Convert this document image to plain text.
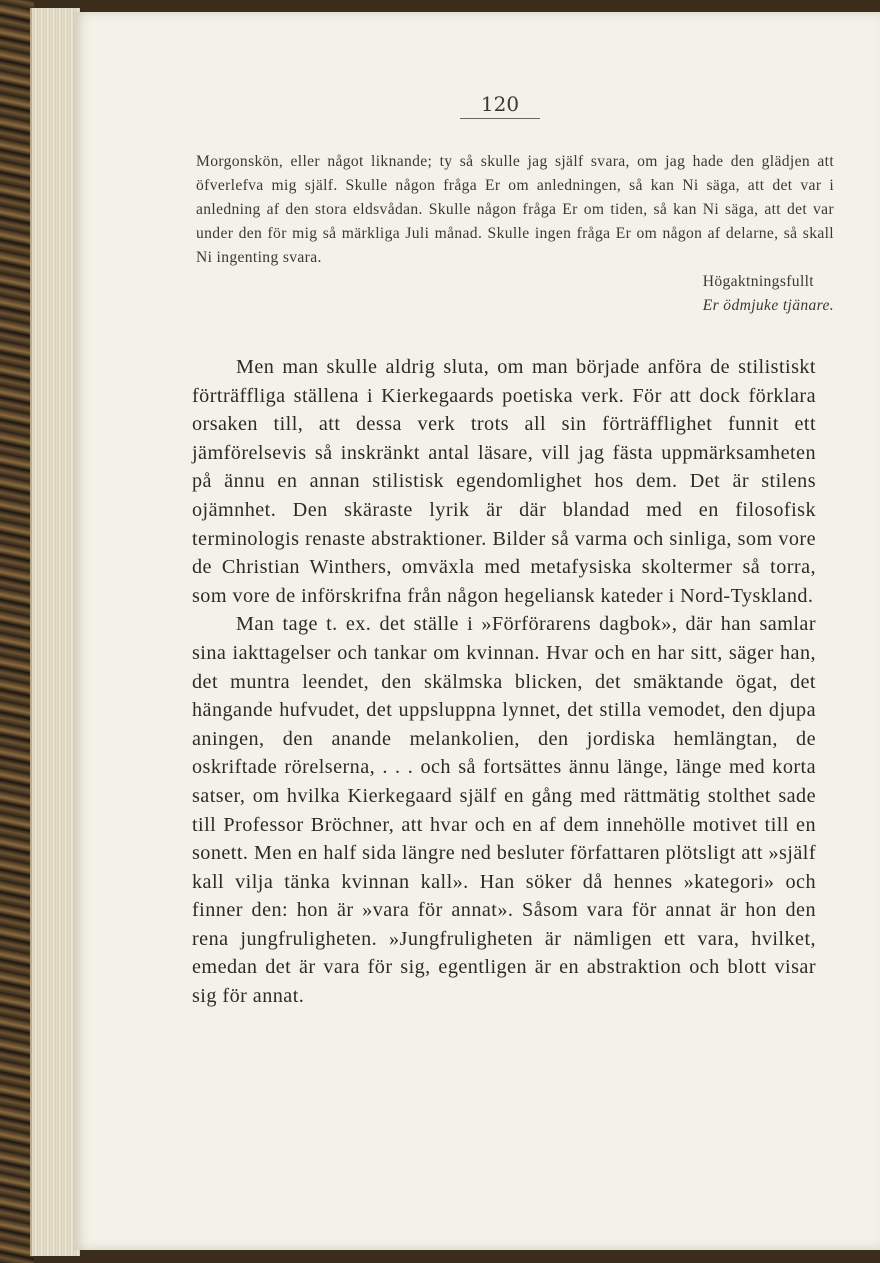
120

Morgonskön, eller något liknande; ty så skulle jag själf svara, om jag hade den glädjen att öfverlefva mig själf. Skulle någon fråga Er om anledningen, så kan Ni säga, att det var i anledning af den stora eldsvådan. Skulle någon fråga Er om tiden, så kan Ni säga, att det var under den för mig så märkliga Juli månad. Skulle ingen fråga Er om någon af delarne, så skall Ni ingenting svara.

Högaktningsfullt

Er ödmjuke tjänare.

Men man skulle aldrig sluta, om man började anföra de stilistiskt förträffliga ställena i Kierkegaards poetiska verk. För att dock förklara orsaken till, att dessa verk trots all sin förträfflighet funnit ett jämförelsevis så inskränkt antal läsare, vill jag fästa uppmärksamheten på ännu en annan stilistisk egendomlighet hos dem. Det är stilens ojämnhet. Den skäraste lyrik är där blandad med en filosofisk terminologis renaste abstraktioner. Bilder så varma och sinliga, som vore de Christian Winthers, omväxla med metafysiska skoltermer så torra, som vore de införskrifna från någon hegeliansk kateder i Nord-Tyskland.

Man tage t. ex. det ställe i »Förförarens dagbok», där han samlar sina iakttagelser och tankar om kvinnan. Hvar och en har sitt, säger han, det muntra leendet, den skälmska blicken, det smäktande ögat, det hängande hufvudet, det uppsluppna lynnet, det stilla vemodet, den djupa aningen, den anande melankolien, den jordiska hemlängtan, de oskriftade rörelserna, . . . och så fortsättes ännu länge, länge med korta satser, om hvilka Kierkegaard själf en gång med rättmätig stolthet sade till Professor Bröchner, att hvar och en af dem innehölle motivet till en sonett. Men en half sida längre ned besluter författaren plötsligt att »själf kall vilja tänka kvinnan kall». Han söker då hennes »kategori» och finner den: hon är »vara för annat». Såsom vara för annat är hon den rena jungfruligheten. »Jungfruligheten är nämligen ett vara, hvilket, emedan det är vara för sig, egentligen är en abstraktion och blott visar sig för annat.
